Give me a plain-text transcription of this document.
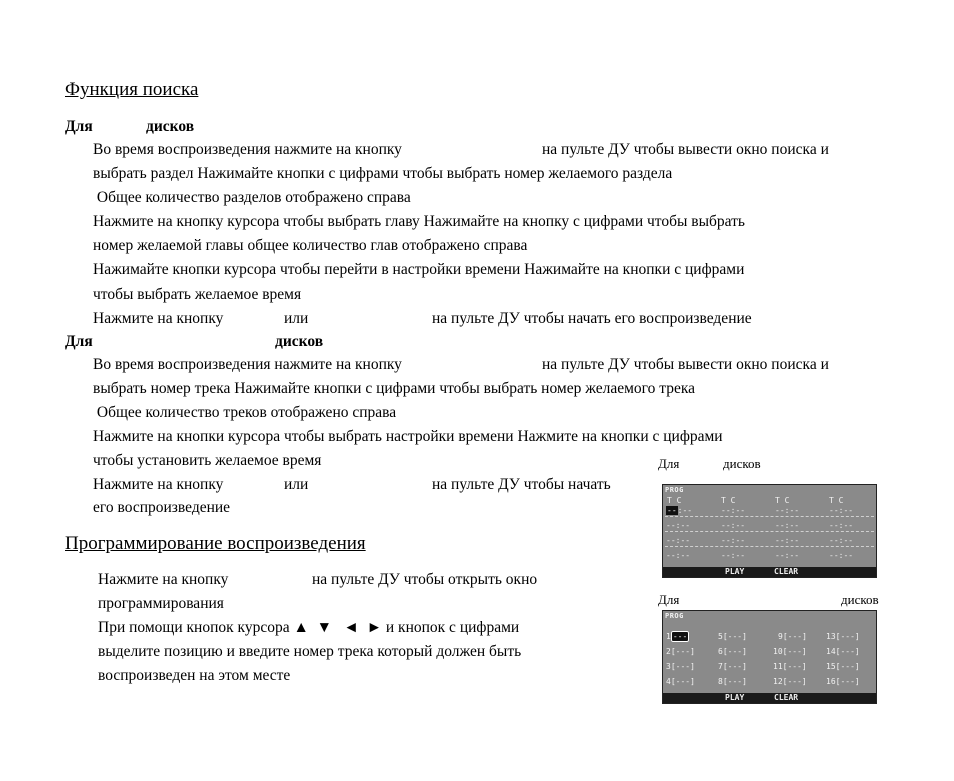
Функция поиска
Для	дисков
Во время воспроизведения нажмите на кнопку	на пульте ДУ чтобы вывести окно поиска и
выбрать раздел Нажимайте кнопки с цифрами чтобы выбрать номер желаемого раздела
Общее количество разделов отображено справа
Нажмите на кнопку курсора чтобы выбрать главу Нажимайте на кнопку с цифрами чтобы выбрать
номер желаемой главы общее количество глав отображено справа
Нажимайте кнопки курсора чтобы перейти в настройки времени Нажимайте на кнопки с цифрами
чтобы выбрать желаемое время
Нажмите на кнопку	или	на пульте ДУ чтобы начать его воспроизведение
Для	дисков
Во время воспроизведения нажмите на кнопку	на пульте ДУ чтобы вывести окно поиска и
выбрать номер трека Нажимайте кнопки с цифрами чтобы выбрать номер желаемого трека
Общее количество треков отображено справа
Нажмите на кнопки курсора чтобы выбрать настройки времени Нажмите на кнопки с цифрами
чтобы установить желаемое время
Нажмите на кнопку	или	на пульте ДУ чтобы начать
его воспроизведение
Программирование воспроизведения
Нажмите на кнопку	на пульте ДУ чтобы открыть окно
программирования
При помощи кнопок курсора ▲  ▼   ◄  ► и кнопок с цифрами
выделите позицию и введите номер трека который должен быть
воспроизведен на этом месте
Для	дисков
PROG
T C	T C	T C	T C
--:--	--:--	--:--	--:--
--:--	--:--	--:--	--:--
--:--	--:--	--:--	--:--
--:--	--:--	--:--	--:--
PLAY	CLEAR
Для	дисков
PROG
1 ---	5[---]	9[---] 13[---]
2[---]	6[---]	10[---] 14[---]
3[---]	7[---]	11[---] 15[---]
4[---]	8[---]	12[---] 16[---]
PLAY	CLEAR
